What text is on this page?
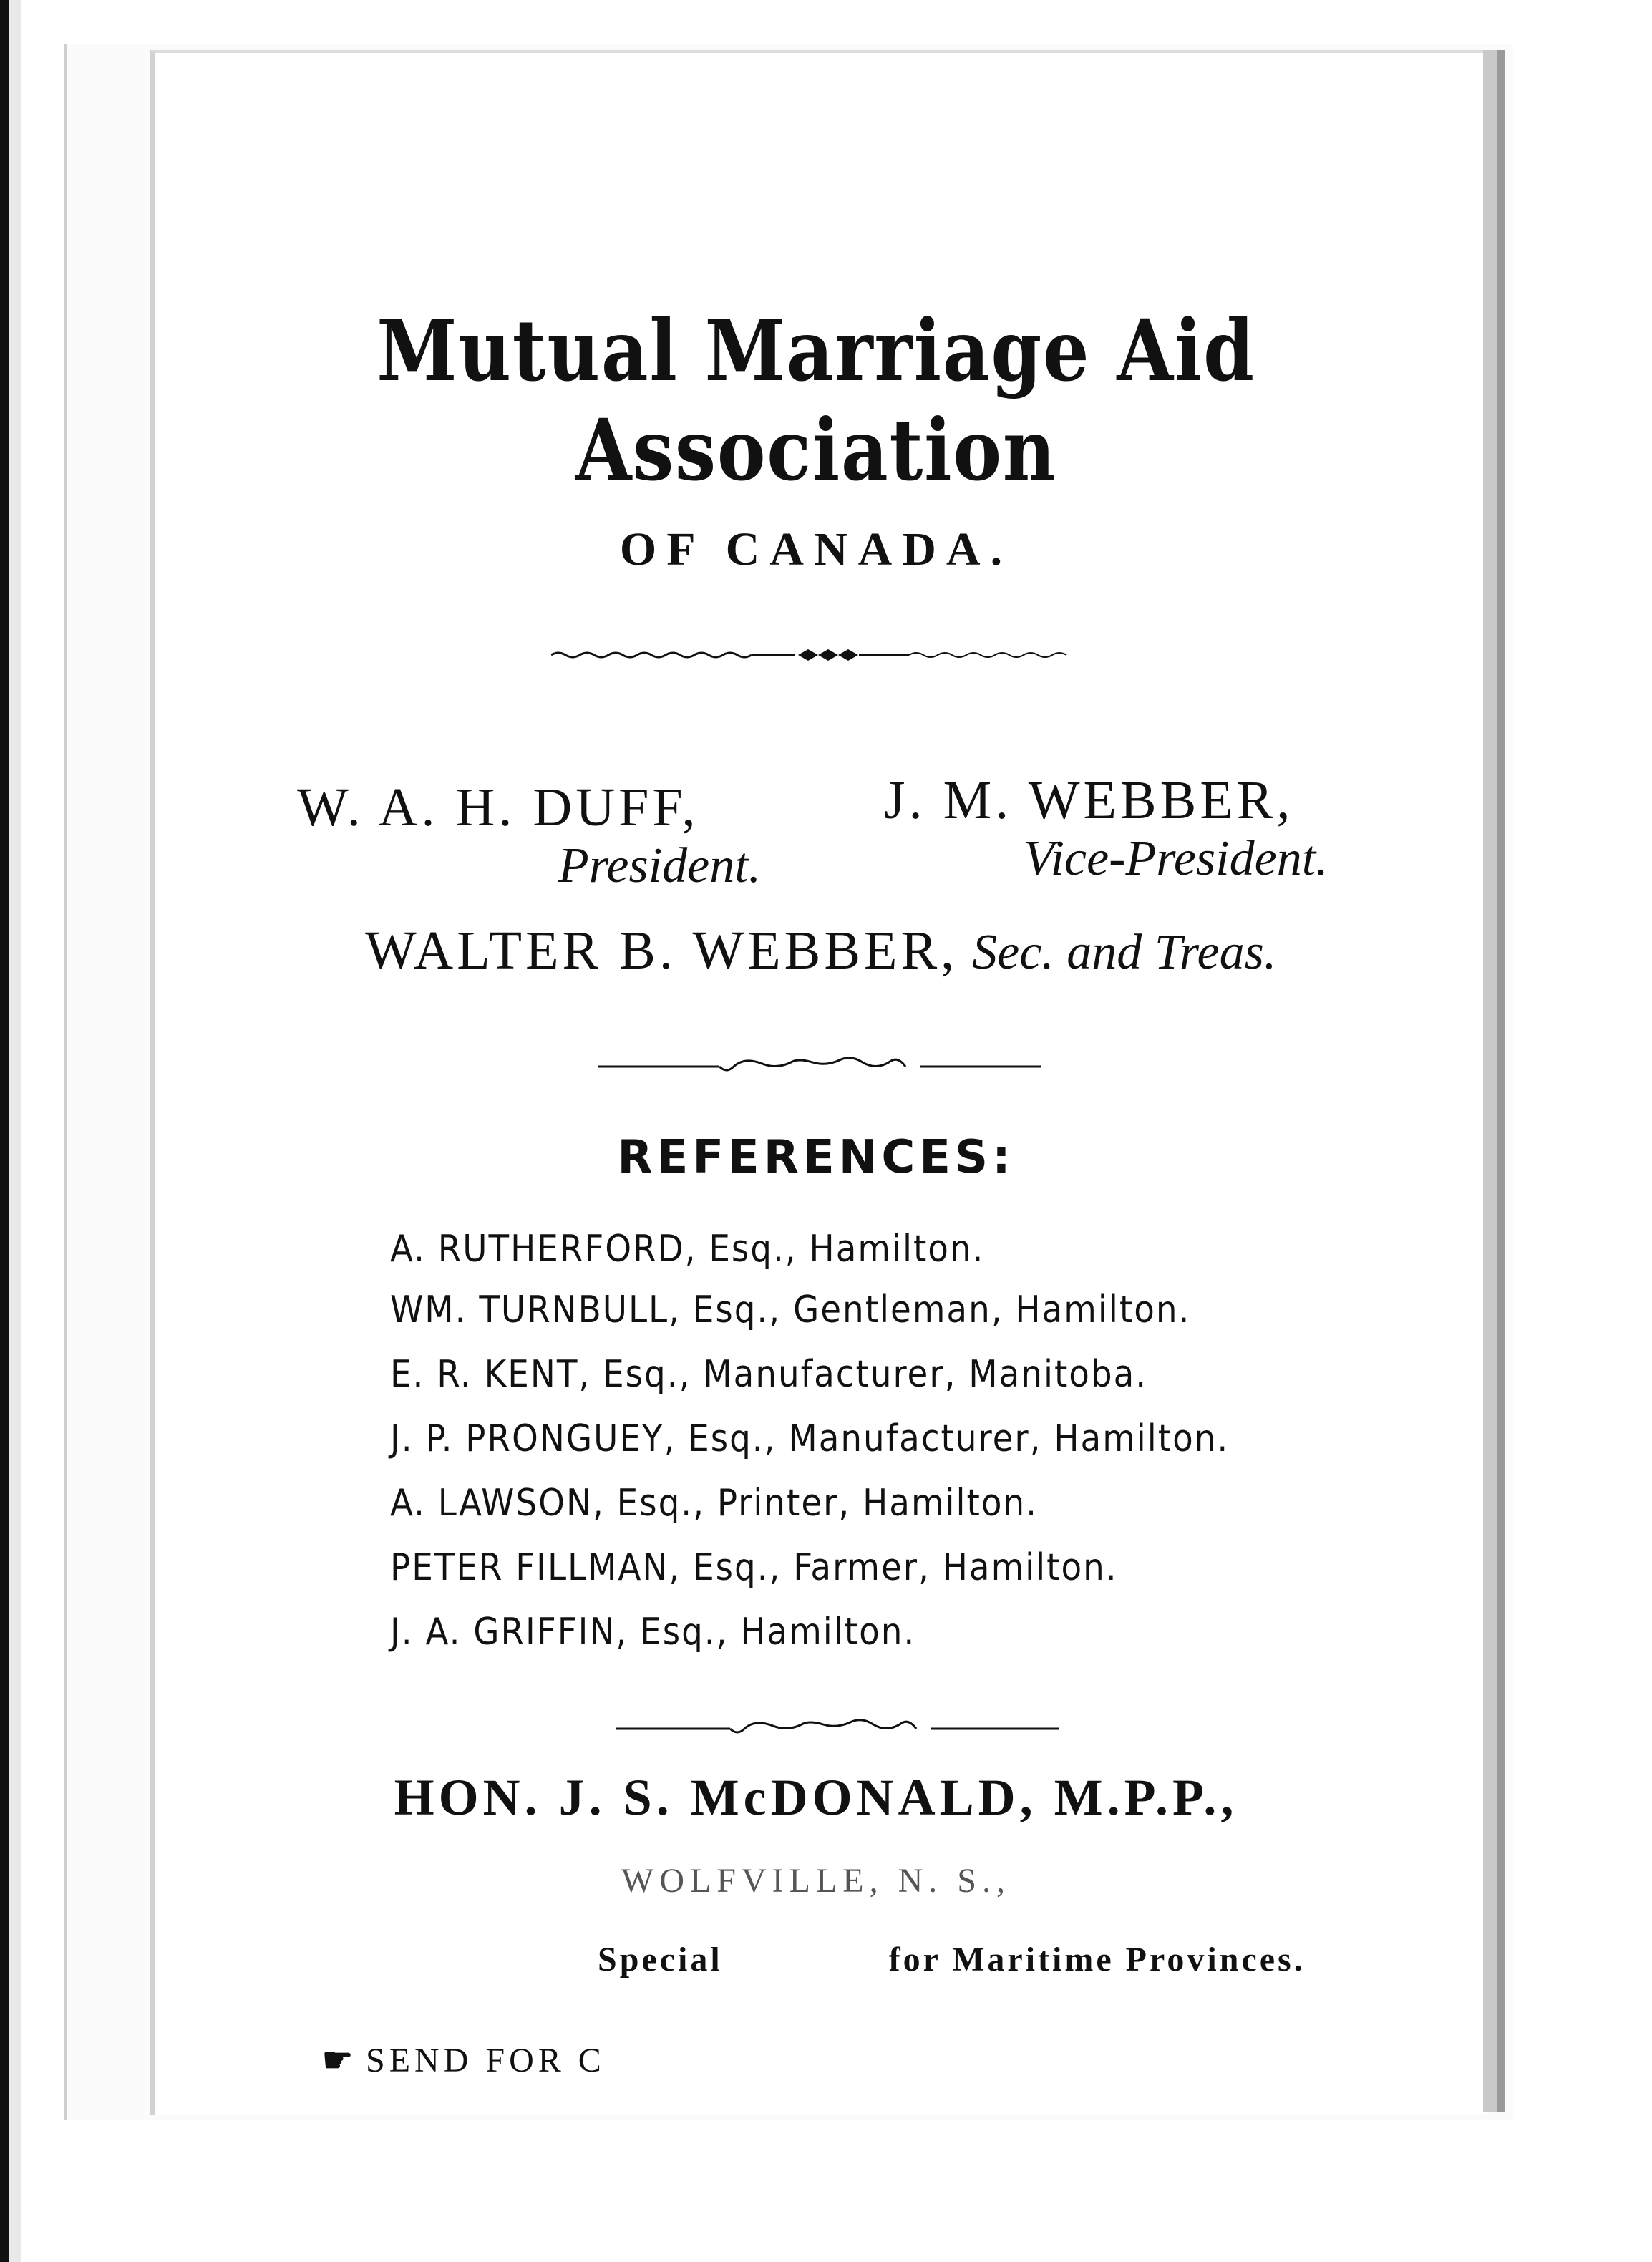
Mutual Marriage Aid Association
OF CANADA.
W. A. H. DUFF,
President.
J. M. WEBBER,
Vice-President.
WALTER B. WEBBER, Sec. and Treas.
REFERENCES:
A. RUTHERFORD, Esq., Hamilton.
WM. TURNBULL, Esq., Gentleman, Hamilton.
E. R. KENT, Esq., Manufacturer, Manitoba.
J. P. PRONGUEY, Esq., Manufacturer, Hamilton.
A. LAWSON, Esq., Printer, Hamilton.
PETER FILLMAN, Esq., Farmer, Hamilton.
J. A. GRIFFIN, Esq., Hamilton.
HON. J. S. McDONALD, M.P.P.,
WOLFVILLE, N. S.,
Special	for Maritime Provinces.
☛ SEND FOR C
